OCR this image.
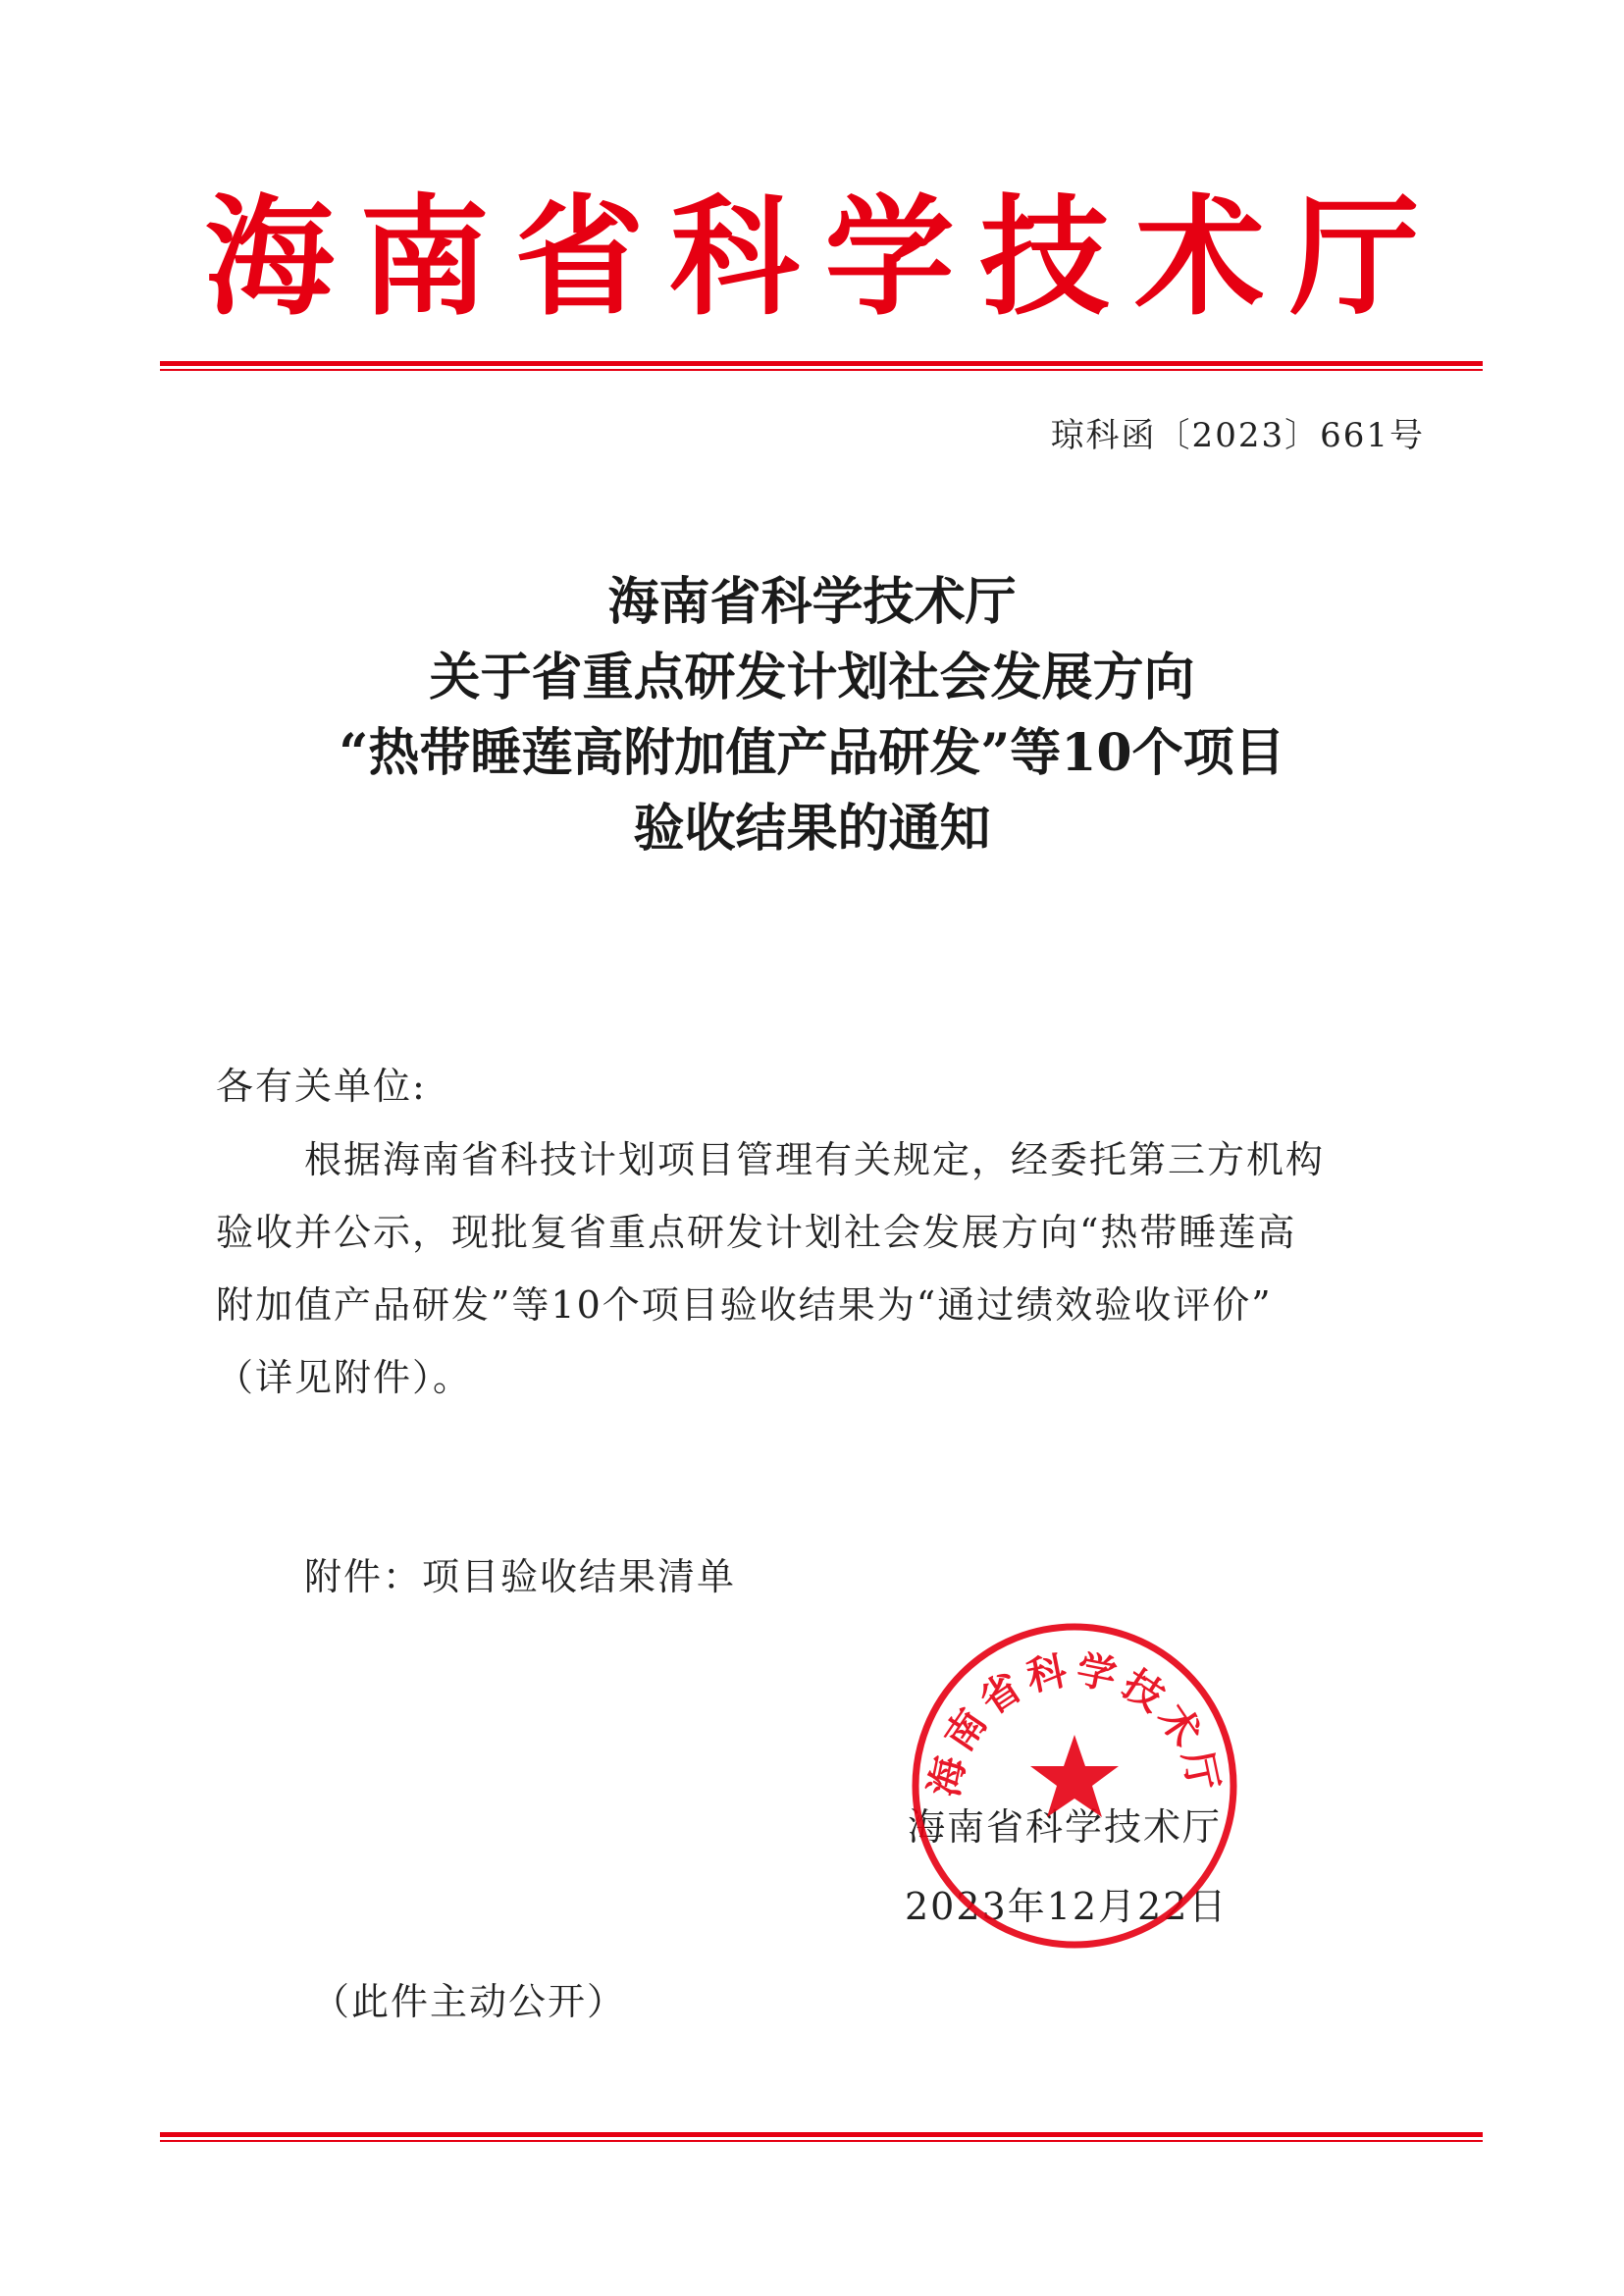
海南省科学技术厅
琼科函〔2023〕661号
海南省科学技术厅
关于省重点研发计划社会发展方向
“热带睡莲高附加值产品研发”等10个项目
验收结果的通知
各有关单位:
根据海南省科技计划项目管理有关规定，经委托第三方机构
验收并公示，现批复省重点研发计划社会发展方向“热带睡莲高
附加值产品研发”等10个项目验收结果为“通过绩效验收评价”
（详见附件）。
附件：项目验收结果清单
海南省科学技术厅
2023年12月22日
海南省科学技术厅
（此件主动公开）
